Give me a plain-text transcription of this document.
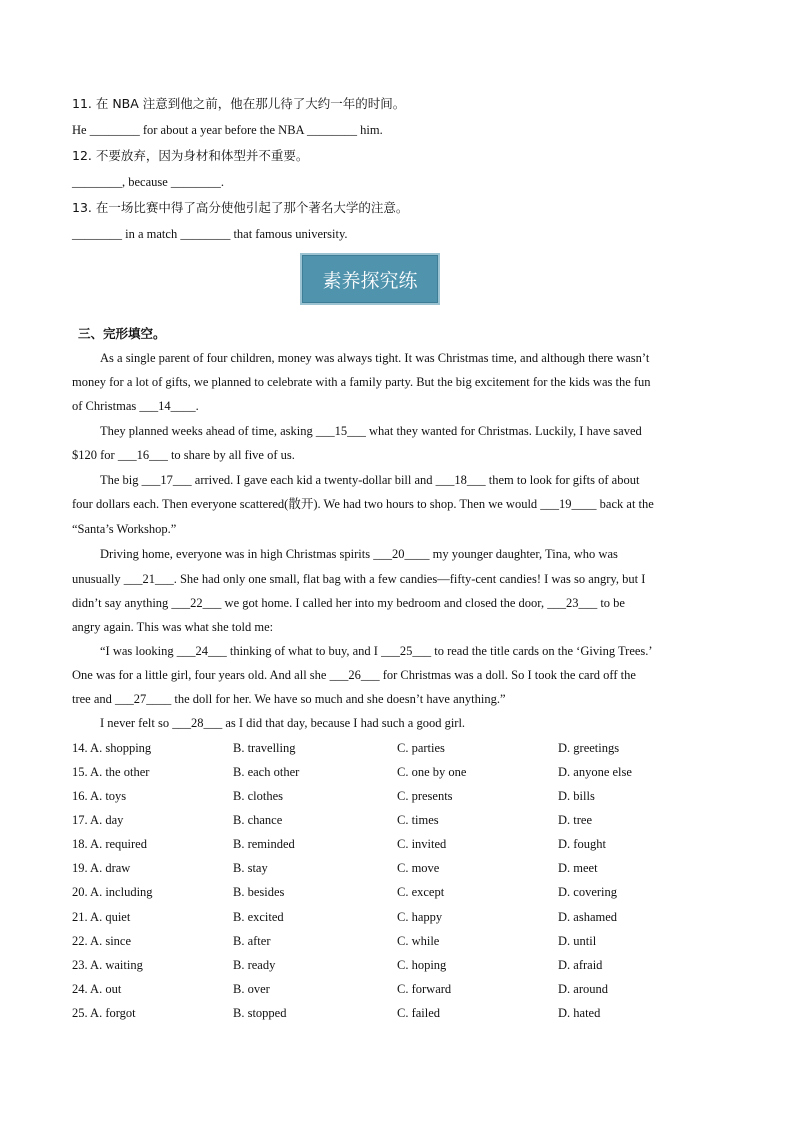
11. 在 NBA 注意到他之前，他在那儿待了大约一年的时间。
He ________ for about a year before the NBA ________ him.
12. 不要放弃，因为身材和体型并不重要。
________, because ________.
13. 在一场比赛中得了高分使他引起了那个著名大学的注意。
________ in a match ________ that famous university.
素养探究练
三、完形填空。
As a single parent of four children, money was always tight. It was Christmas time, and although there wasn’t
money for a lot of gifts, we planned to celebrate with a family party. But the big excitement for the kids was the fun
of Christmas ___14____.
They planned weeks ahead of time, asking ___15___ what they wanted for Christmas. Luckily, I have saved
$120 for ___16___ to share by all five of us.
The big ___17___ arrived. I gave each kid a twenty-dollar bill and ___18___ them to look for gifts of about
four dollars each. Then everyone scattered(散开). We had two hours to shop. Then we would ___19____ back at the
“Santa’s Workshop.”
Driving home, everyone was in high Christmas spirits ___20____ my younger daughter, Tina, who was
unusually ___21___. She had only one small, flat bag with a few candies—fifty-cent candies! I was so angry, but I
didn’t say anything ___22___ we got home. I called her into my bedroom and closed the door, ___23___ to be
angry again. This was what she told me:
“I was looking ___24___ thinking of what to buy, and I ___25___ to read the title cards on the ‘Giving Trees.’
One was for a little girl, four years old. And all she ___26___ for Christmas was a doll. So I took the card off the
tree and ___27____ the doll for her. We have so much and she doesn’t have anything.”
I never felt so ___28___ as I did that day, because I had such a good girl.
14. A. shopping	B. travelling	C. parties	D. greetings
15. A. the other	B. each other	C. one by one	D. anyone else
16. A. toys	B. clothes	C. presents	D. bills
17. A. day	B. chance	C. times	D. tree
18. A. required	B. reminded	C. invited	D. fought
19. A. draw	B. stay	C. move	D. meet
20. A. including	B. besides	C. except	D. covering
21. A. quiet	B. excited	C. happy	D. ashamed
22. A. since	B. after	C. while	D. until
23. A. waiting	B. ready	C. hoping	D. afraid
24. A. out	B. over	C. forward	D. around
25. A. forgot	B. stopped	C. failed	D. hated
